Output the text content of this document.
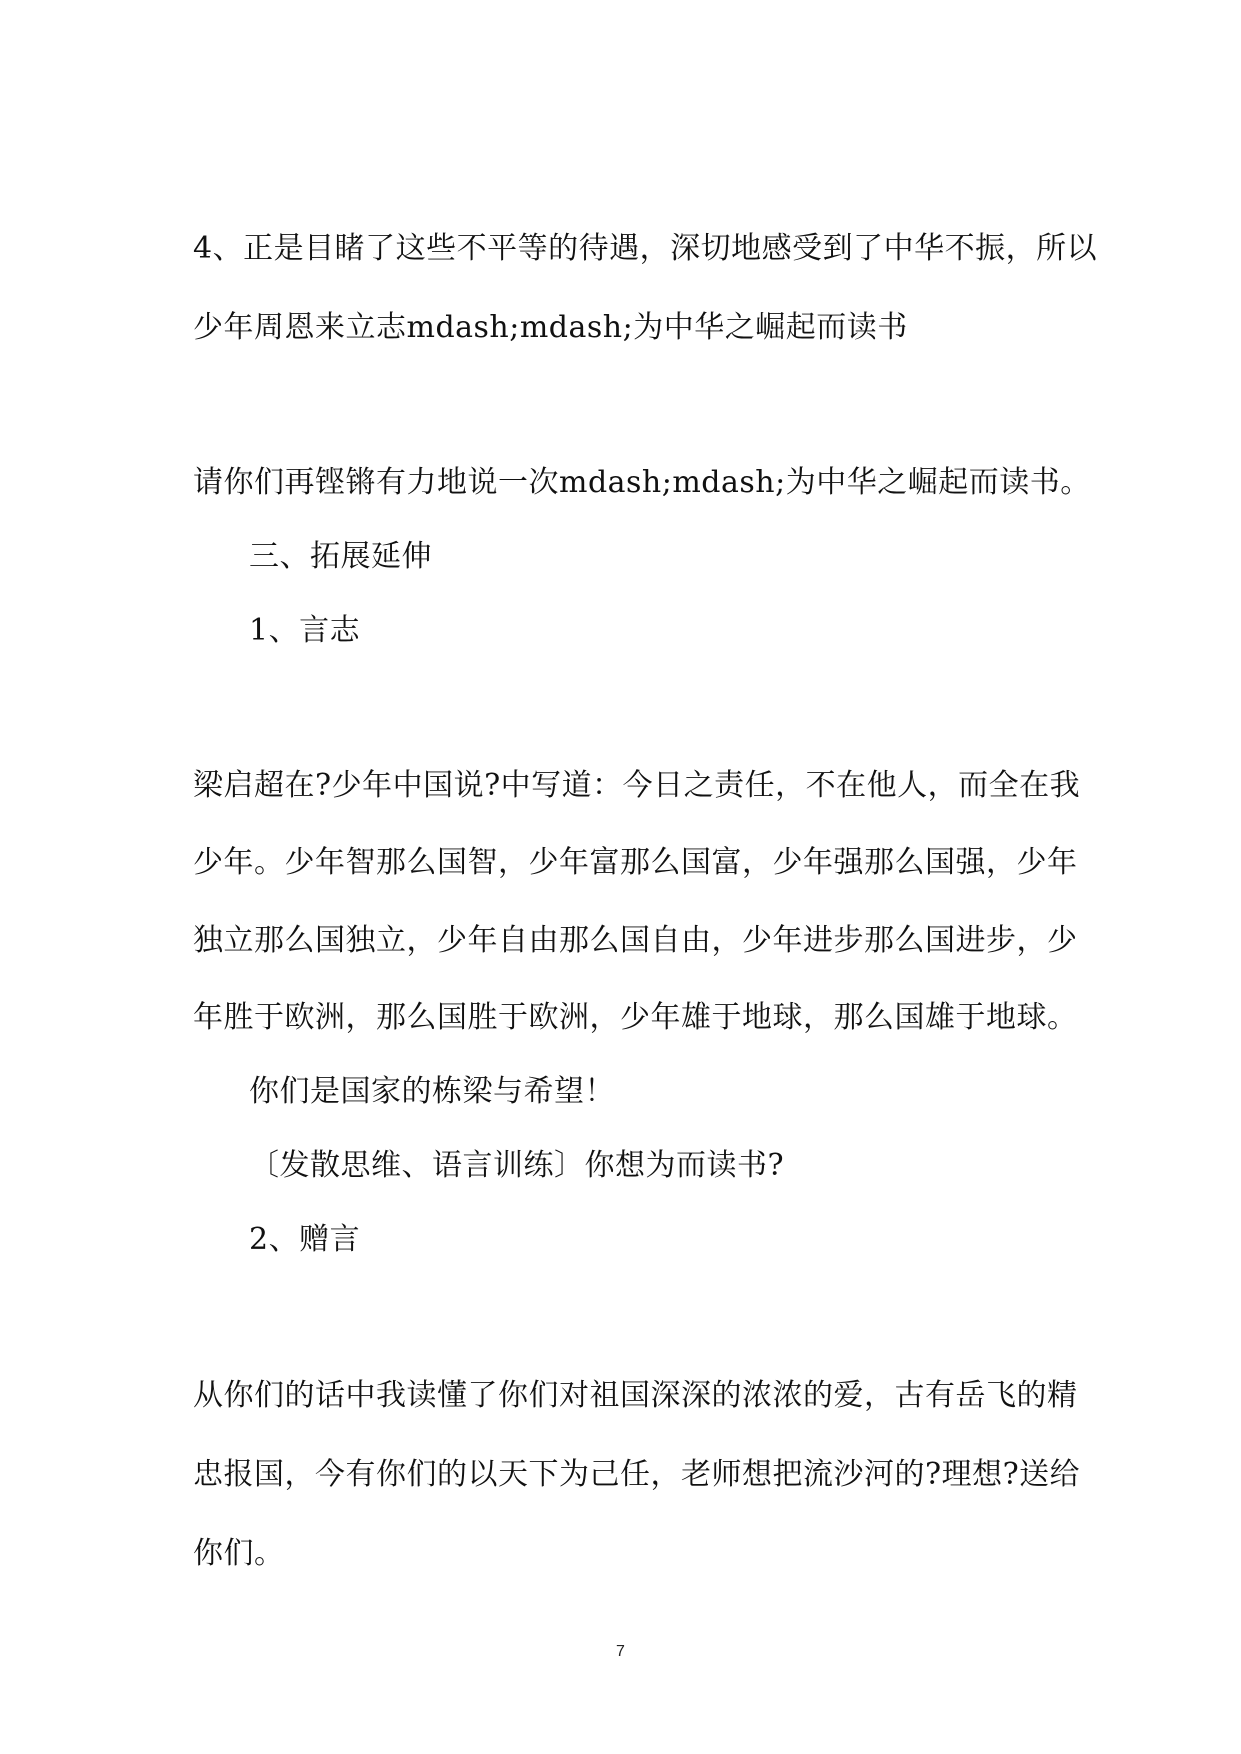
4、正是目睹了这些不平等的待遇，深切地感受到了中华不振，所以

少年周恩来立志mdash;mdash;为中华之崛起而读书

请你们再铿锵有力地说一次mdash;mdash;为中华之崛起而读书。

三、拓展延伸

1、言志

梁启超在?少年中国说?中写道：今日之责任，不在他人，而全在我

少年。少年智那么国智，少年富那么国富，少年强那么国强，少年

独立那么国独立，少年自由那么国自由，少年进步那么国进步，少

年胜于欧洲，那么国胜于欧洲，少年雄于地球，那么国雄于地球。

你们是国家的栋梁与希望！

〔发散思维、语言训练〕你想为而读书?

2、赠言

从你们的话中我读懂了你们对祖国深深的浓浓的爱，古有岳飞的精

忠报国，今有你们的以天下为己任，老师想把流沙河的?理想?送给

你们。

7
